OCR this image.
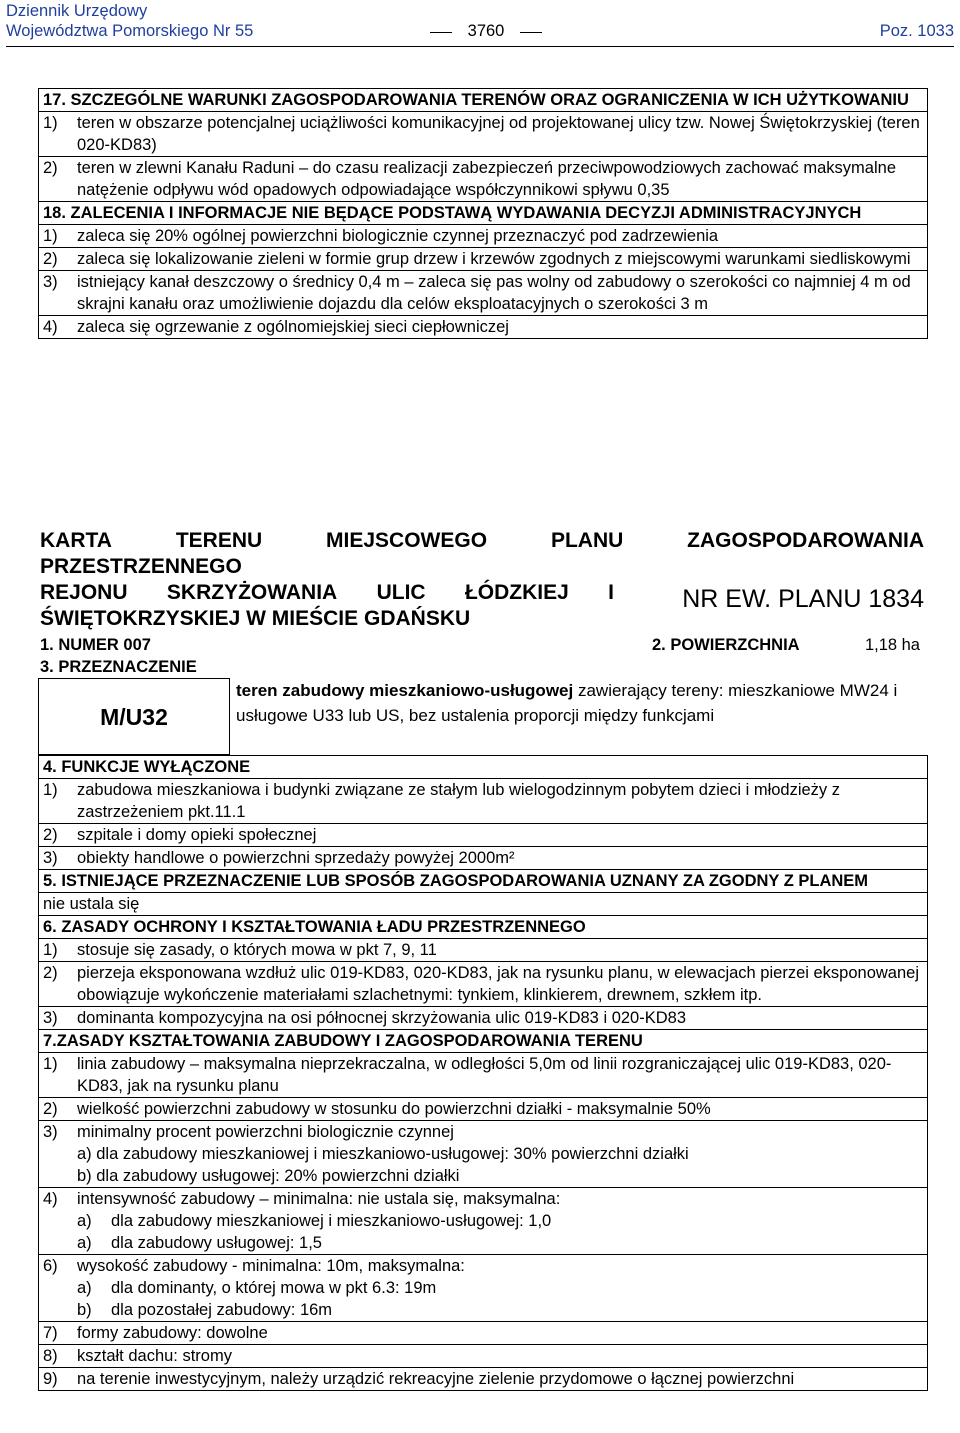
Dziennik Urzędowy
Województwa Pomorskiego Nr 55	3760	Poz. 1033
17. SZCZEGÓLNE WARUNKI ZAGOSPODAROWANIA TERENÓW ORAZ OGRANICZENIA W ICH UŻYTKOWANIU
1) teren w obszarze potencjalnej uciążliwości komunikacyjnej od projektowanej ulicy tzw. Nowej Świętokrzyskiej (teren 020-KD83)
2) teren w zlewni Kanału Raduni – do czasu realizacji zabezpieczeń przeciwpowodziowych zachować maksymalne natężenie odpływu wód opadowych odpowiadające współczynnikowi spływu 0,35
18. ZALECENIA I INFORMACJE NIE BĘDĄCE PODSTAWĄ WYDAWANIA DECYZJI ADMINISTRACYJNYCH
1) zaleca się 20% ogólnej powierzchni biologicznie czynnej przeznaczyć pod zadrzewienia
2) zaleca się lokalizowanie zieleni w formie grup drzew i krzewów zgodnych z miejscowymi warunkami siedliskowymi
3) istniejący kanał deszczowy o średnicy 0,4 m – zaleca się pas wolny od zabudowy o szerokości co najmniej 4 m od skrajni kanału oraz umożliwienie dojazdu dla celów eksploatacyjnych o szerokości 3 m
4) zaleca się ogrzewanie z ogólnomiejskiej sieci ciepłowniczej
KARTA	TERENU	MIEJSCOWEGO	PLANU	ZAGOSPODAROWANIA
PRZESTRZENNEGO
REJONU SKRZYŻOWANIA ULIC ŁÓDZKIEJ I
ŚWIĘTOKRZYSKIEJ W MIEŚCIE GDAŃSKU
NR EW. PLANU 1834
1. NUMER 007	2. POWIERZCHNIA	1,18 ha
3. PRZEZNACZENIE
M/U32
teren zabudowy mieszkaniowo-usługowej zawierający tereny: mieszkaniowe MW24 i usługowe U33 lub US, bez ustalenia proporcji między funkcjami
4. FUNKCJE WYŁĄCZONE
1) zabudowa mieszkaniowa i budynki związane ze stałym lub wielogodzinnym pobytem dzieci i młodzieży z zastrzeżeniem pkt.11.1
2) szpitale i domy opieki społecznej
3) obiekty handlowe o powierzchni sprzedaży powyżej 2000m²
5. ISTNIEJĄCE PRZEZNACZENIE LUB SPOSÓB ZAGOSPODAROWANIA UZNANY ZA ZGODNY Z PLANEM
nie ustala się
6. ZASADY OCHRONY I KSZTAŁTOWANIA ŁADU PRZESTRZENNEGO
1) stosuje się zasady, o których mowa w pkt 7, 9, 11
2) pierzeja eksponowana wzdłuż ulic 019-KD83, 020-KD83, jak na rysunku planu, w elewacjach pierzei eksponowanej obowiązuje wykończenie materiałami szlachetnymi: tynkiem, klinkierem, drewnem, szkłem itp.
3) dominanta kompozycyjna na osi północnej skrzyżowania ulic 019-KD83 i 020-KD83
7.ZASADY KSZTAŁTOWANIA ZABUDOWY I ZAGOSPODAROWANIA TERENU
1) linia zabudowy – maksymalna nieprzekraczalna, w odległości 5,0m od linii rozgraniczającej ulic 019-KD83, 020-KD83, jak na rysunku planu
2) wielkość powierzchni zabudowy w stosunku do powierzchni działki - maksymalnie 50%
3) minimalny procent powierzchni biologicznie czynnej
a) dla zabudowy mieszkaniowej i mieszkaniowo-usługowej: 30% powierzchni działki
b) dla zabudowy usługowej: 20% powierzchni działki
4) intensywność zabudowy – minimalna: nie ustala się, maksymalna:
a)	dla zabudowy mieszkaniowej i mieszkaniowo-usługowej: 1,0
a)	dla zabudowy usługowej: 1,5
6) wysokość zabudowy - minimalna: 10m, maksymalna:
a)	dla dominanty, o której mowa w pkt 6.3: 19m
b)	dla pozostałej zabudowy: 16m
7) formy zabudowy: dowolne
8) kształt dachu: stromy
9) na terenie inwestycyjnym, należy urządzić rekreacyjne zielenie przydomowe o łącznej powierzchni
